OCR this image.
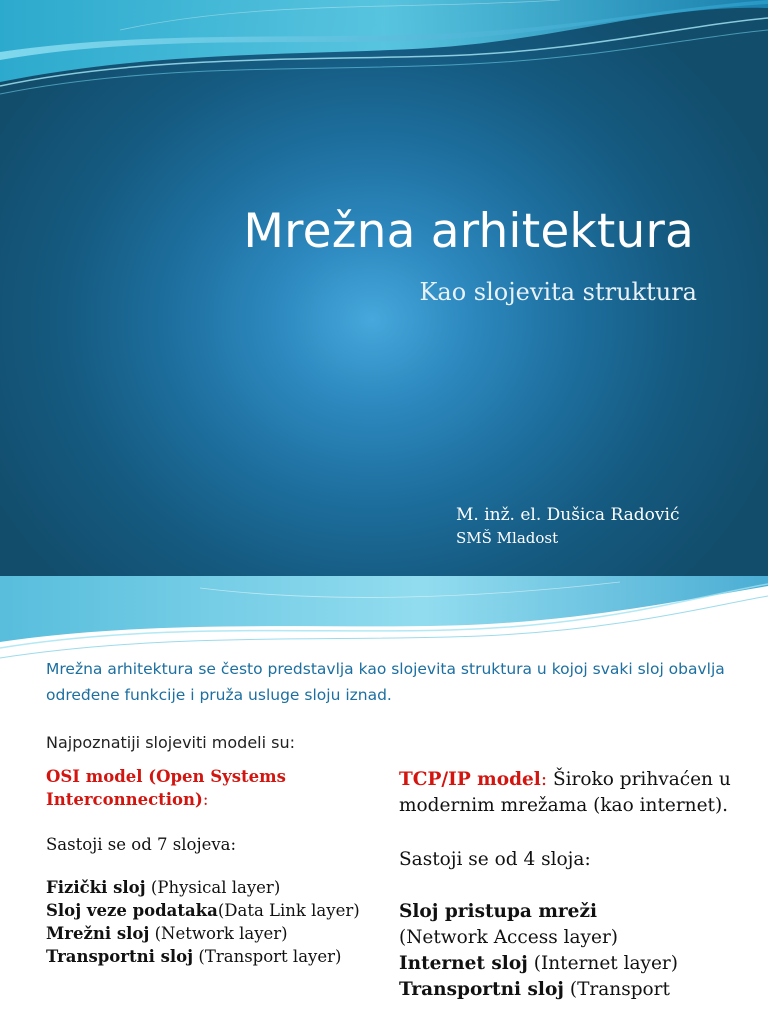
Mrežna arhitektura
Kao slojevita struktura
M. inž. el. Dušica Radović
SMŠ Mladost
Mrežna arhitektura se često predstavlja kao slojevita struktura u kojoj svaki sloj obavlja određene funkcije i pruža usluge sloju iznad.
Najpoznatiji slojeviti modeli su:

OSI model (Open Systems Interconnection):

Sastoji se od 7 slojeva:

Fizički sloj (Physical layer)

Sloj veze podataka(Data Link layer)

Mrežni sloj (Network layer)

Transportni sloj (Transport layer)

TCP/IP model: Široko prihvaćen u modernim mrežama (kao internet).

Sastoji se od 4 sloja:

Sloj pristupa mreži
(Network Access layer)

Internet sloj (Internet layer)

Transportni sloj (Transport
